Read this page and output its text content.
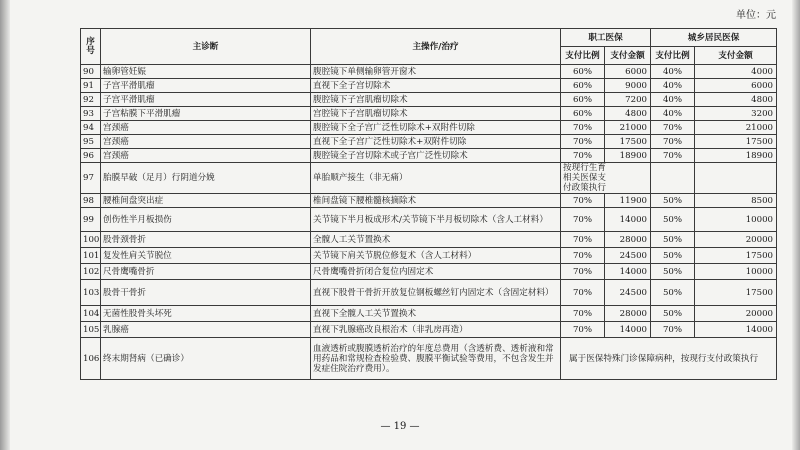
单位：元
序号	主诊断	主操作/治疗	职工医保		城乡居民医保	
			支付比例	支付金额	支付比例	支付金额
90	输卵管妊娠	腹腔镜下单侧输卵管开窗术	60%	6000	40%	4000
91	子宫平滑肌瘤	直视下全子宫切除术	60%	9000	40%	6000
92	子宫平滑肌瘤	腹腔镜下子宫肌瘤切除术	60%	7200	40%	4800
93	子宫粘膜下平滑肌瘤	宫腔镜下子宫肌瘤切除术	60%	4800	40%	3200
94	宫颈癌	腹腔镜下全子宫广泛性切除术+双附件切除	70%	21000	70%	21000
95	宫颈癌	直视下全子宫广泛性切除术+双附件切除	70%	17500	70%	17500
96	宫颈癌	腹腔镜全子宫切除术或子宫广泛性切除术	70%	18900	70%	18900
97	胎膜早破（足月）行阴道分娩	单胎顺产接生（非无痛）	按现行生育相关医保支付政策执行			
98	腰椎间盘突出症	椎间盘镜下腰椎髓核摘除术	70%	11900	50%	8500
99	创伤性半月板损伤	关节镜下半月板成形术/关节镜下半月板切除术（含人工材料）	70%	14000	50%	10000
100	股骨颈骨折	全髋人工关节置换术	70%	28000	50%	20000
101	复发性肩关节脱位	关节镜下肩关节脱位修复术（含人工材料）	70%	24500	50%	17500
102	尺骨鹰嘴骨折	尺骨鹰嘴骨折闭合复位内固定术	70%	14000	50%	10000
103	股骨干骨折	直视下股骨干骨折开放复位钢板螺丝钉内固定术（含固定材料）	70%	24500	50%	17500
104	无菌性股骨头坏死	直视下全髋人工关节置换术	70%	28000	50%	20000
105	乳腺癌	直视下乳腺癌改良根治术（非乳房再造）	70%	14000	70%	14000
106	终末期肾病（已确诊）	血液透析或腹膜透析治疗的年度总费用（含透析费、透析液和常用药品和常规检查检验费、腹膜平衡试验等费用，不包含发生并发症住院治疗费用）。	属于医保特殊门诊保障病种，按现行支付政策执行			
— 19 —
